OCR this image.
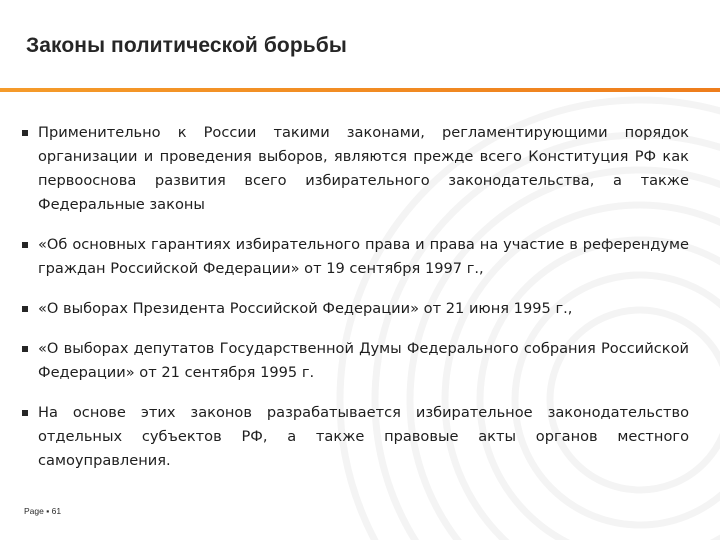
Законы политической борьбы
Применительно к России такими законами, регламентирующими порядок организации и проведения выборов, являются прежде всего Конституция РФ как первооснова развития всего избирательного законодательства, а также Федеральные законы
«Об основных гарантиях избирательного права и права на участие в референдуме граждан Российской Федерации» от 19 сентября 1997 г.,
«О выборах Президента Российской Федерации» от 21 июня 1995 г.,
«О выборах депутатов Государственной Думы Федерального собрания Российской Федерации» от 21 сентября 1995 г.
На основе этих законов разрабатывается избирательное законодательство отдельных субъектов РФ, а также правовые акты органов местного самоуправления.
Page ▪ 61
